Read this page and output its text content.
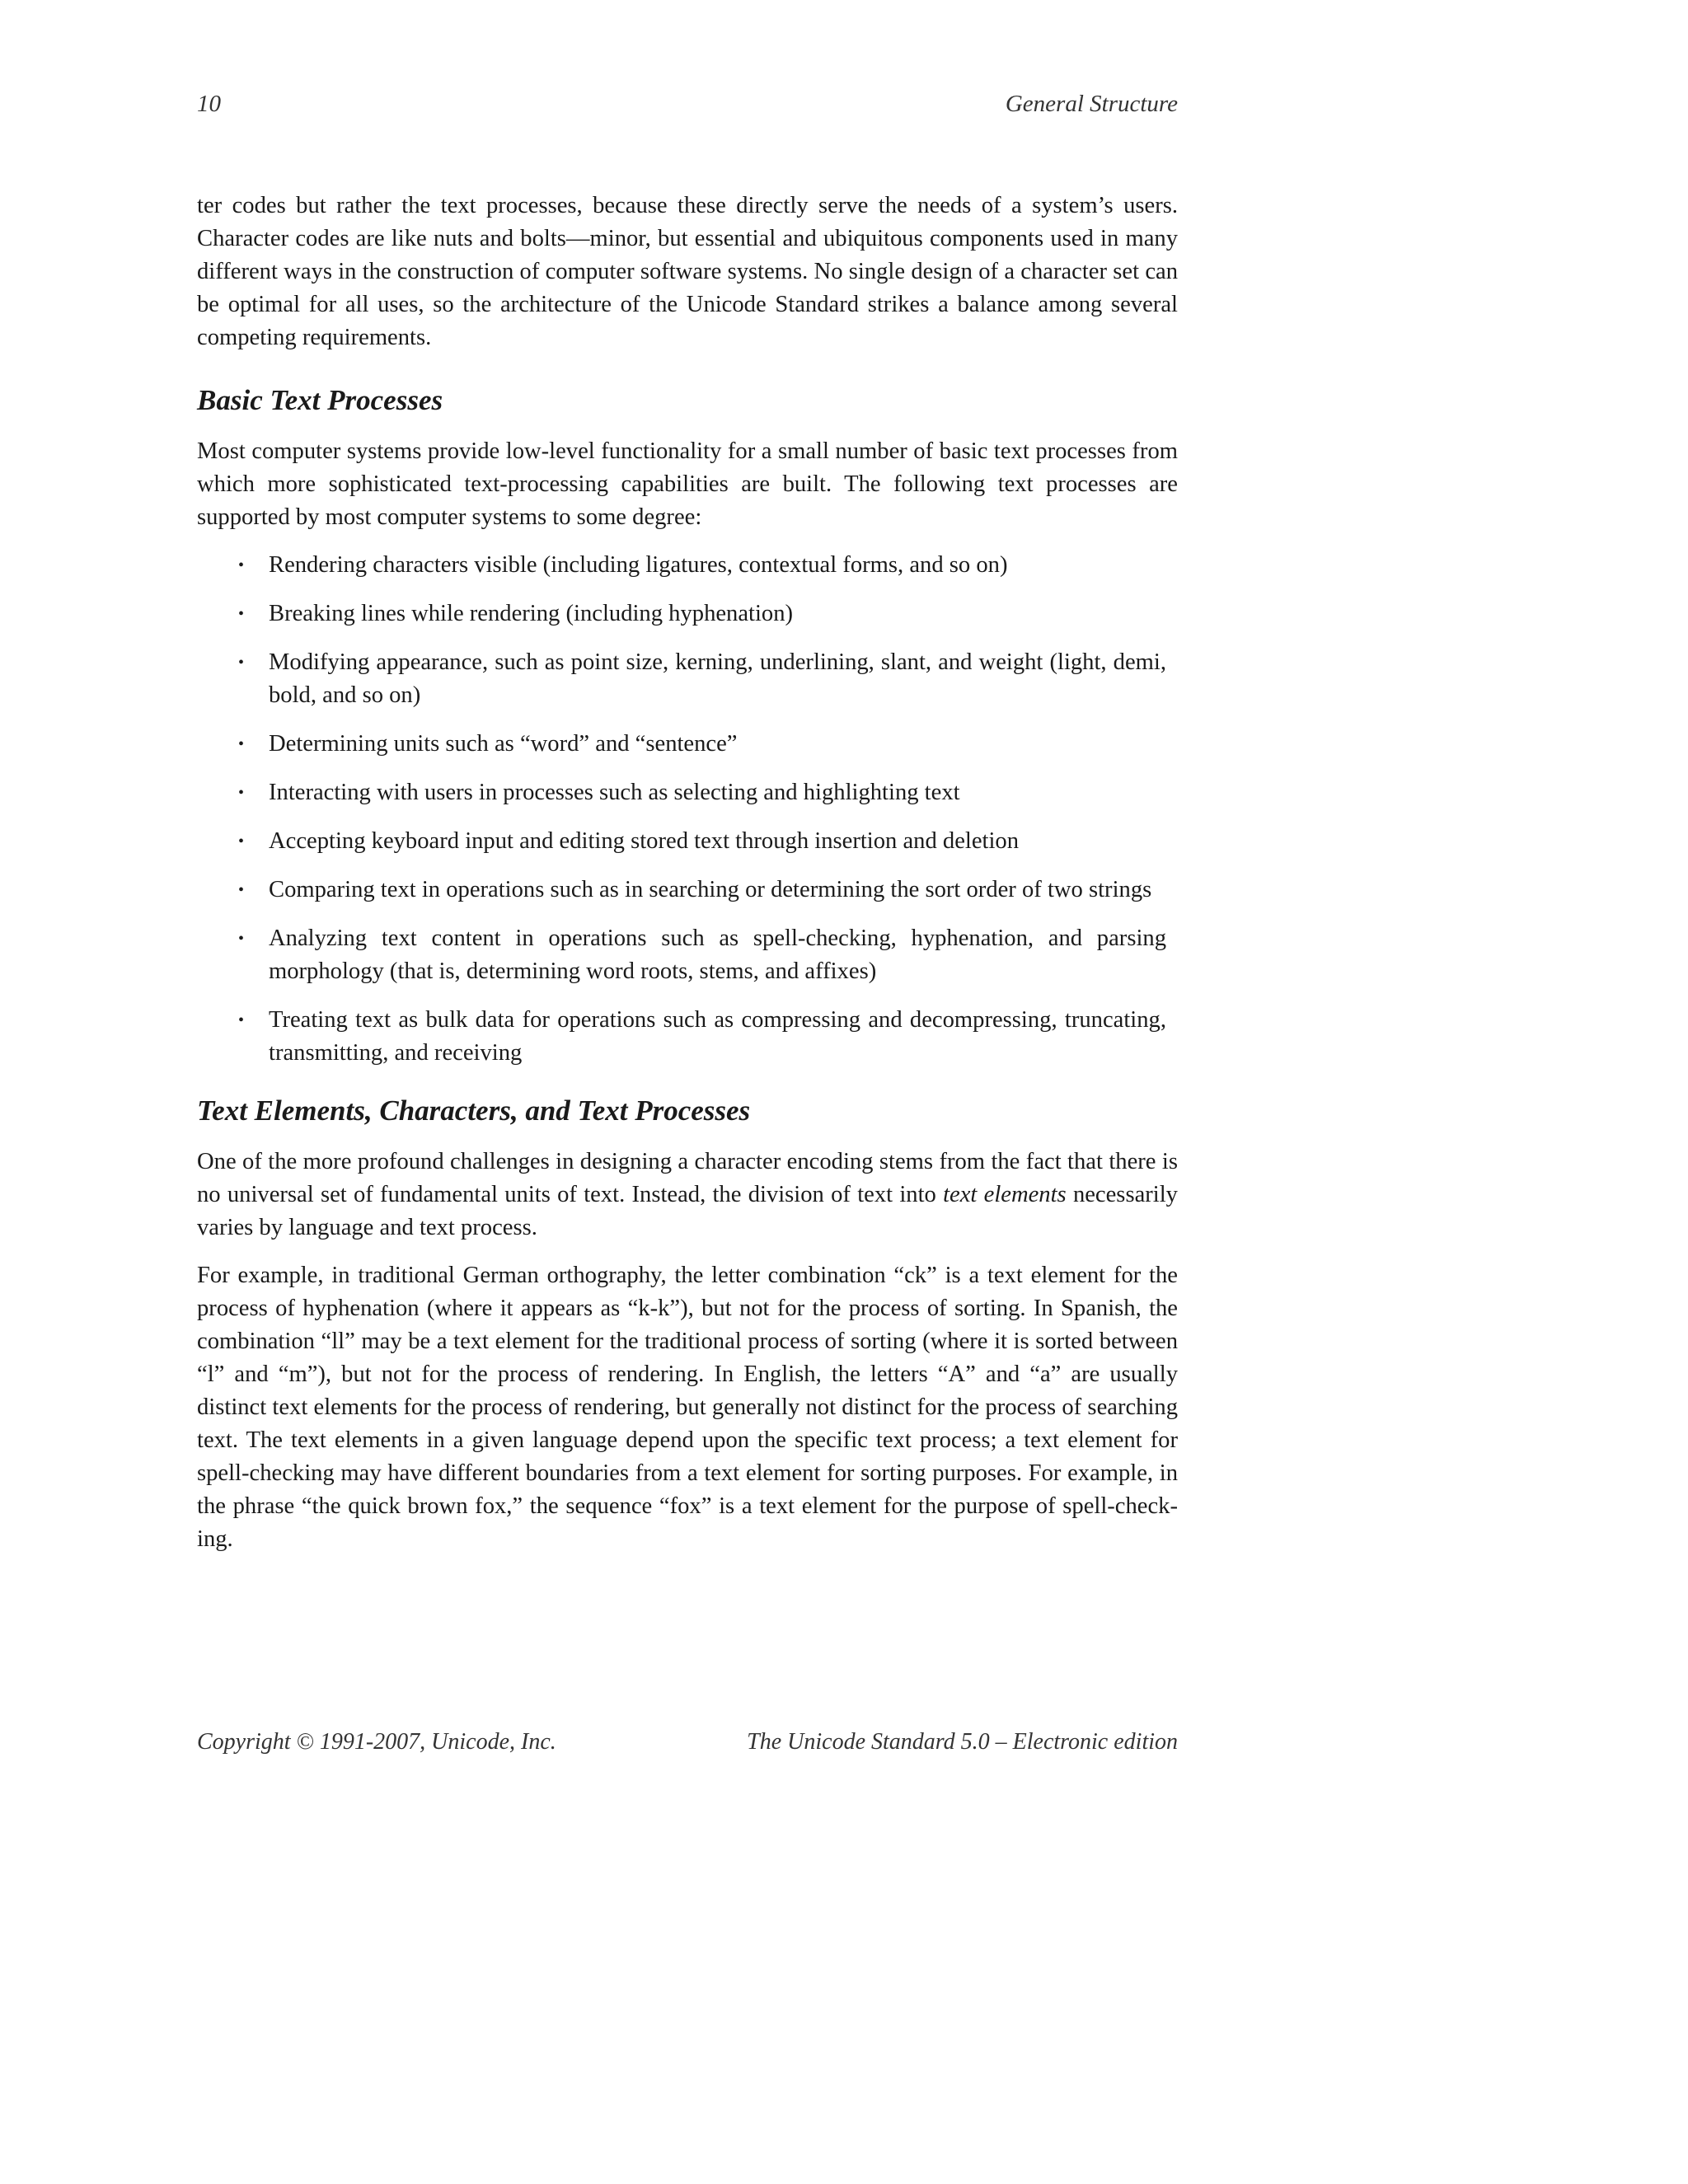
10	General Structure

ter codes but rather the text processes, because these directly serve the needs of a system’s users. Character codes are like nuts and bolts—minor, but essential and ubiquitous components used in many different ways in the construction of computer software systems. No single design of a character set can be optimal for all uses, so the architecture of the Unicode Standard strikes a balance among several competing requirements.

Basic Text Processes

Most computer systems provide low-level functionality for a small number of basic text processes from which more sophisticated text-processing capabilities are built. The following text processes are supported by most computer systems to some degree:

• Rendering characters visible (including ligatures, contextual forms, and so on)
• Breaking lines while rendering (including hyphenation)
• Modifying appearance, such as point size, kerning, underlining, slant, and weight (light, demi, bold, and so on)
• Determining units such as “word” and “sentence”
• Interacting with users in processes such as selecting and highlighting text
• Accepting keyboard input and editing stored text through insertion and deletion
• Comparing text in operations such as in searching or determining the sort order of two strings
• Analyzing text content in operations such as spell-checking, hyphenation, and parsing morphology (that is, determining word roots, stems, and affixes)
• Treating text as bulk data for operations such as compressing and decompressing, truncating, transmitting, and receiving
Text Elements, Characters, and Text Processes

One of the more profound challenges in designing a character encoding stems from the fact that there is no universal set of fundamental units of text. Instead, the division of text into text elements necessarily varies by language and text process.

For example, in traditional German orthography, the letter combination “ck” is a text element for the process of hyphenation (where it appears as “k-k”), but not for the process of sorting. In Spanish, the combination “ll” may be a text element for the traditional process of sorting (where it is sorted between “l” and “m”), but not for the process of rendering. In English, the letters “A” and “a” are usually distinct text elements for the process of rendering, but generally not distinct for the process of searching text. The text elements in a given language depend upon the specific text process; a text element for spell-checking may have different boundaries from a text element for sorting purposes. For example, in the phrase “the quick brown fox,” the sequence “fox” is a text element for the purpose of spell-checking.

Copyright © 1991-2007, Unicode, Inc.	The Unicode Standard 5.0 – Electronic edition
